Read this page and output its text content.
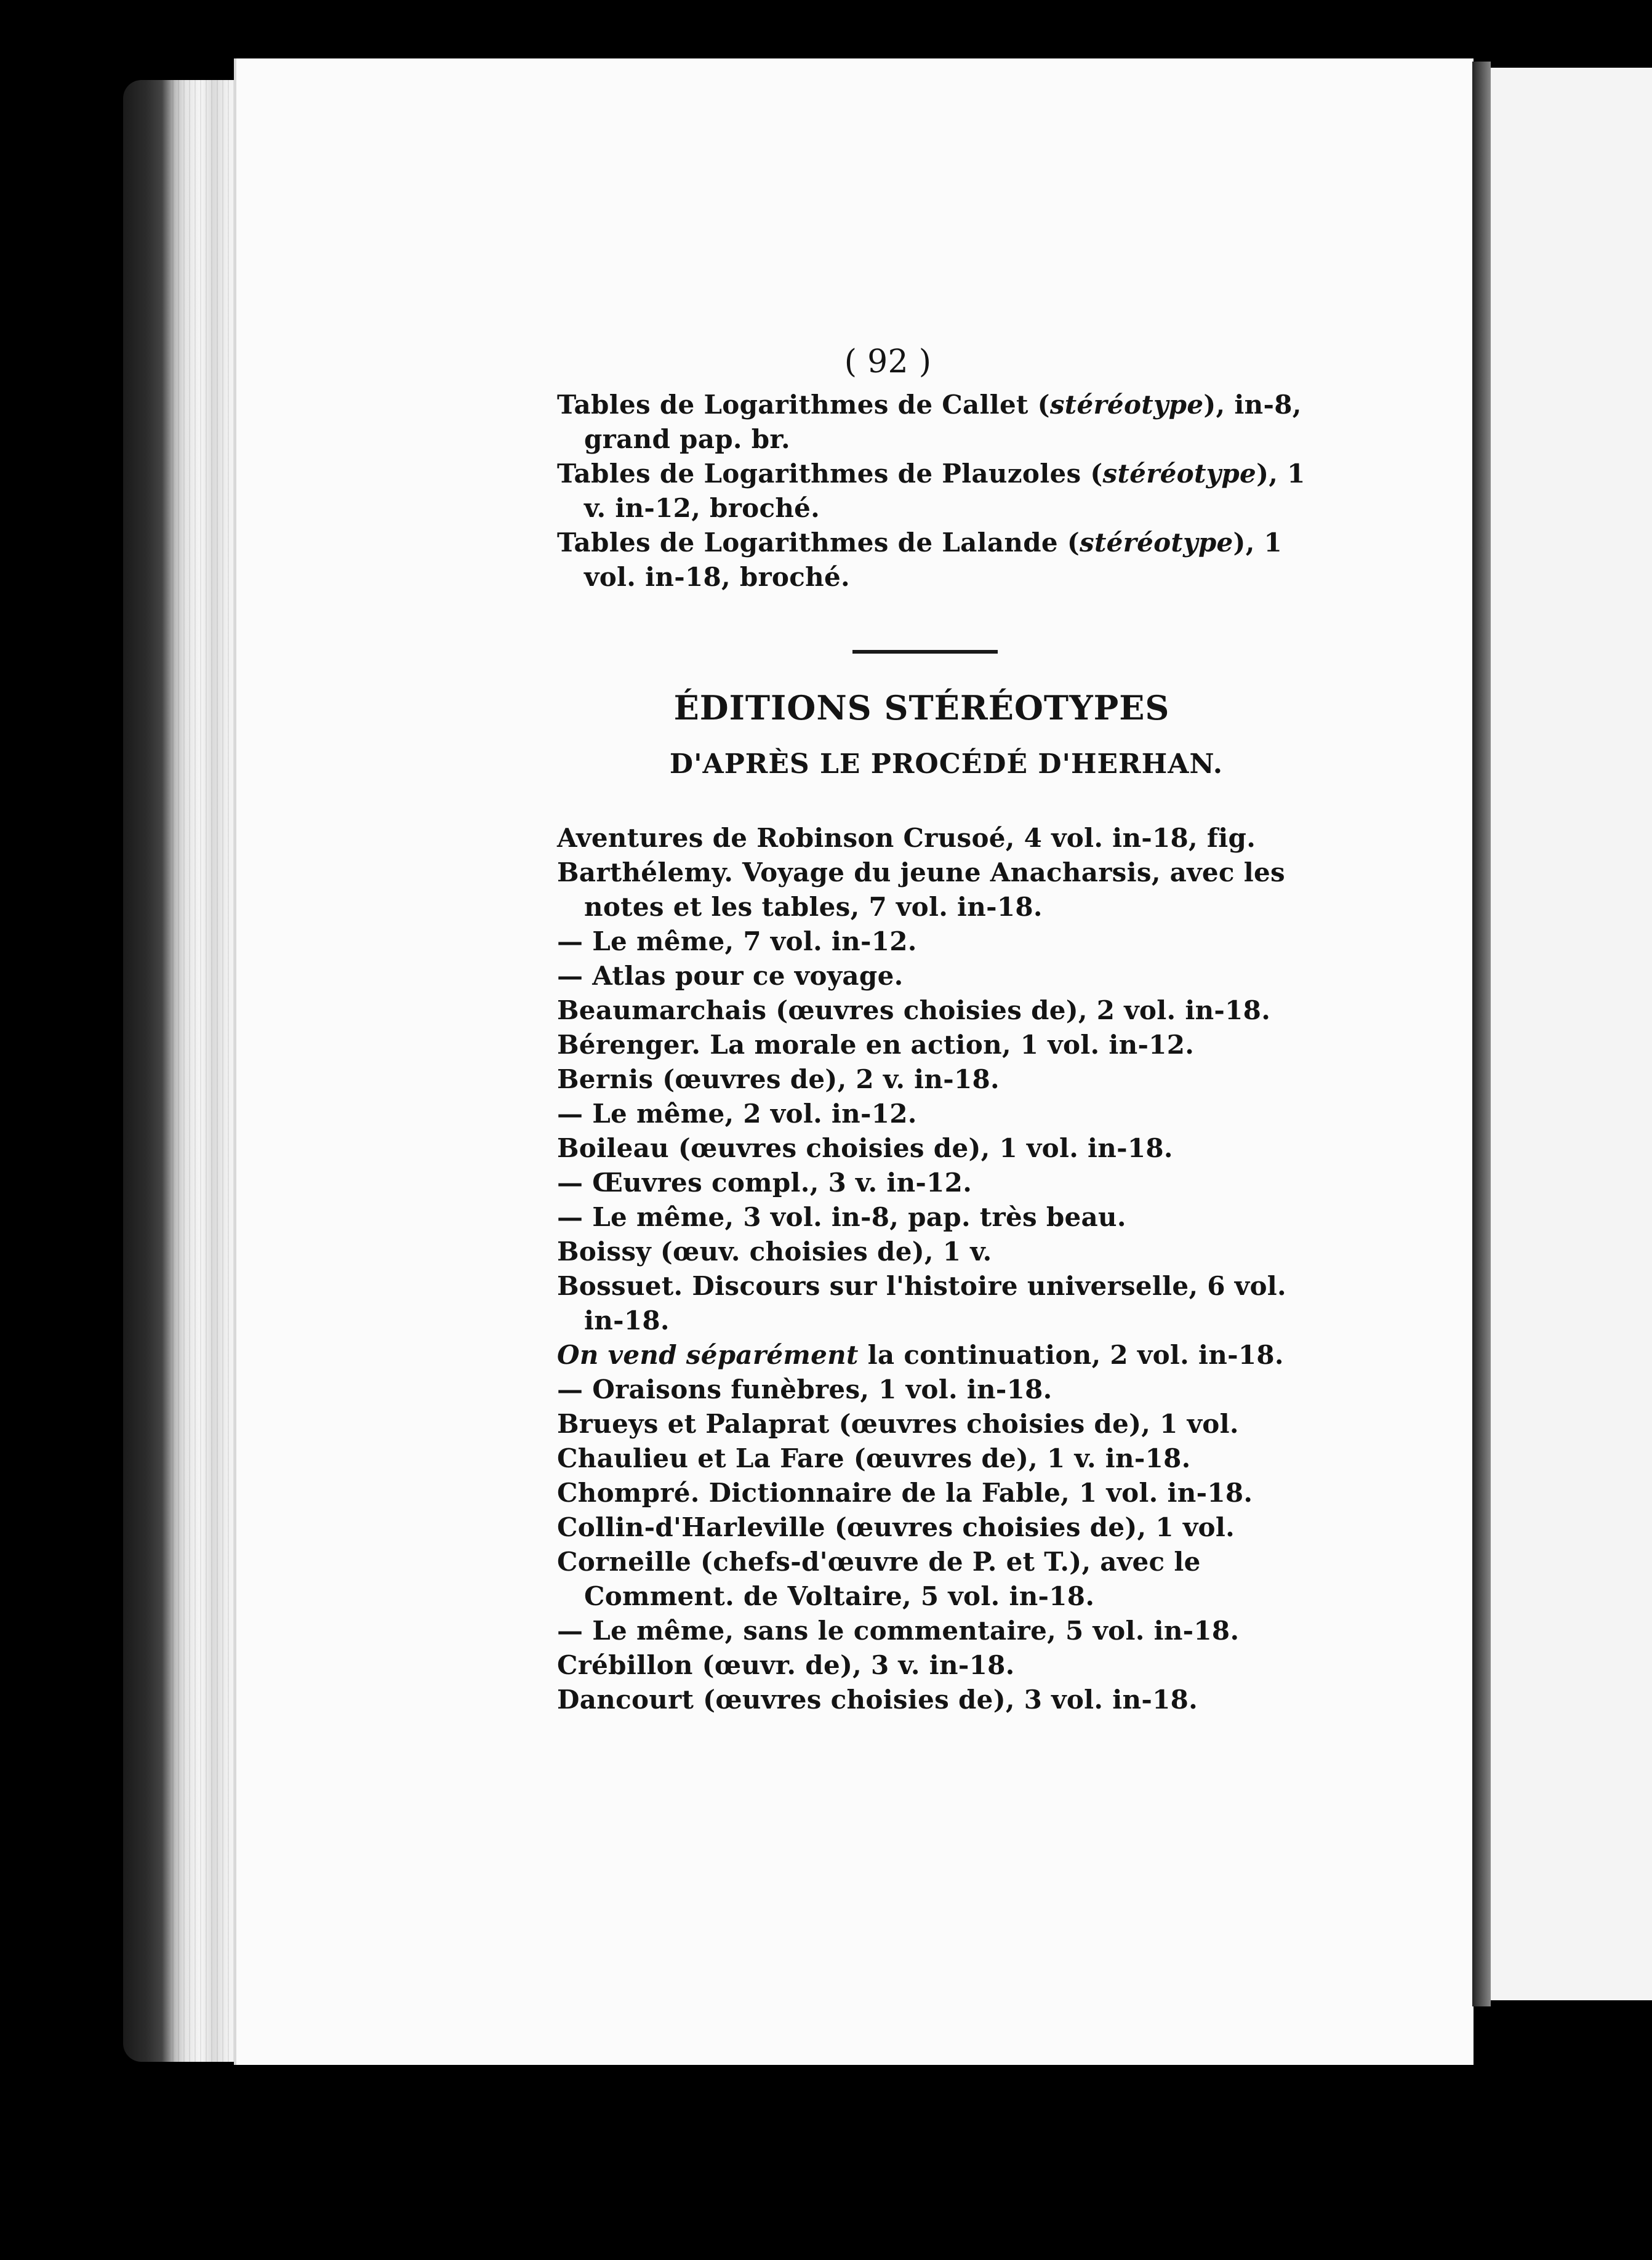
( 92 )
Tables de Logarithmes de Callet (stéréotype), in-8, grand pap. br.
Tables de Logarithmes de Plauzoles (stéréotype), 1 v. in-12, broché.
Tables de Logarithmes de Lalande (stéréotype), 1 vol. in-18, broché.
ÉDITIONS STÉRÉOTYPES
D'APRÈS LE PROCÉDÉ D'HERHAN.
Aventures de Robinson Crusoé, 4 vol. in-18, fig.
Barthélemy. Voyage du jeune Anacharsis, avec les notes et les tables, 7 vol. in-18.
— Le même, 7 vol. in-12.
— Atlas pour ce voyage.
Beaumarchais (œuvres choisies de), 2 vol. in-18.
Bérenger. La morale en action, 1 vol. in-12.
Bernis (œuvres de), 2 v. in-18.
— Le même, 2 vol. in-12.
Boileau (œuvres choisies de), 1 vol. in-18.
— Œuvres compl., 3 v. in-12.
— Le même, 3 vol. in-8, pap. très beau.
Boissy (œuv. choisies de), 1 v.
Bossuet. Discours sur l'histoire universelle, 6 vol. in-18.
On vend séparément la continuation, 2 vol. in-18.
— Oraisons funèbres, 1 vol. in-18.
Brueys et Palaprat (œuvres choisies de), 1 vol.
Chaulieu et La Fare (œuvres de), 1 v. in-18.
Chompré. Dictionnaire de la Fable, 1 vol. in-18.
Collin-d'Harleville (œuvres choisies de), 1 vol.
Corneille (chefs-d'œuvre de P. et T.), avec le Comment. de Voltaire, 5 vol. in-18.
— Le même, sans le commentaire, 5 vol. in-18.
Crébillon (œuvr. de), 3 v. in-18.
Dancourt (œuvres choisies de), 3 vol. in-18.
